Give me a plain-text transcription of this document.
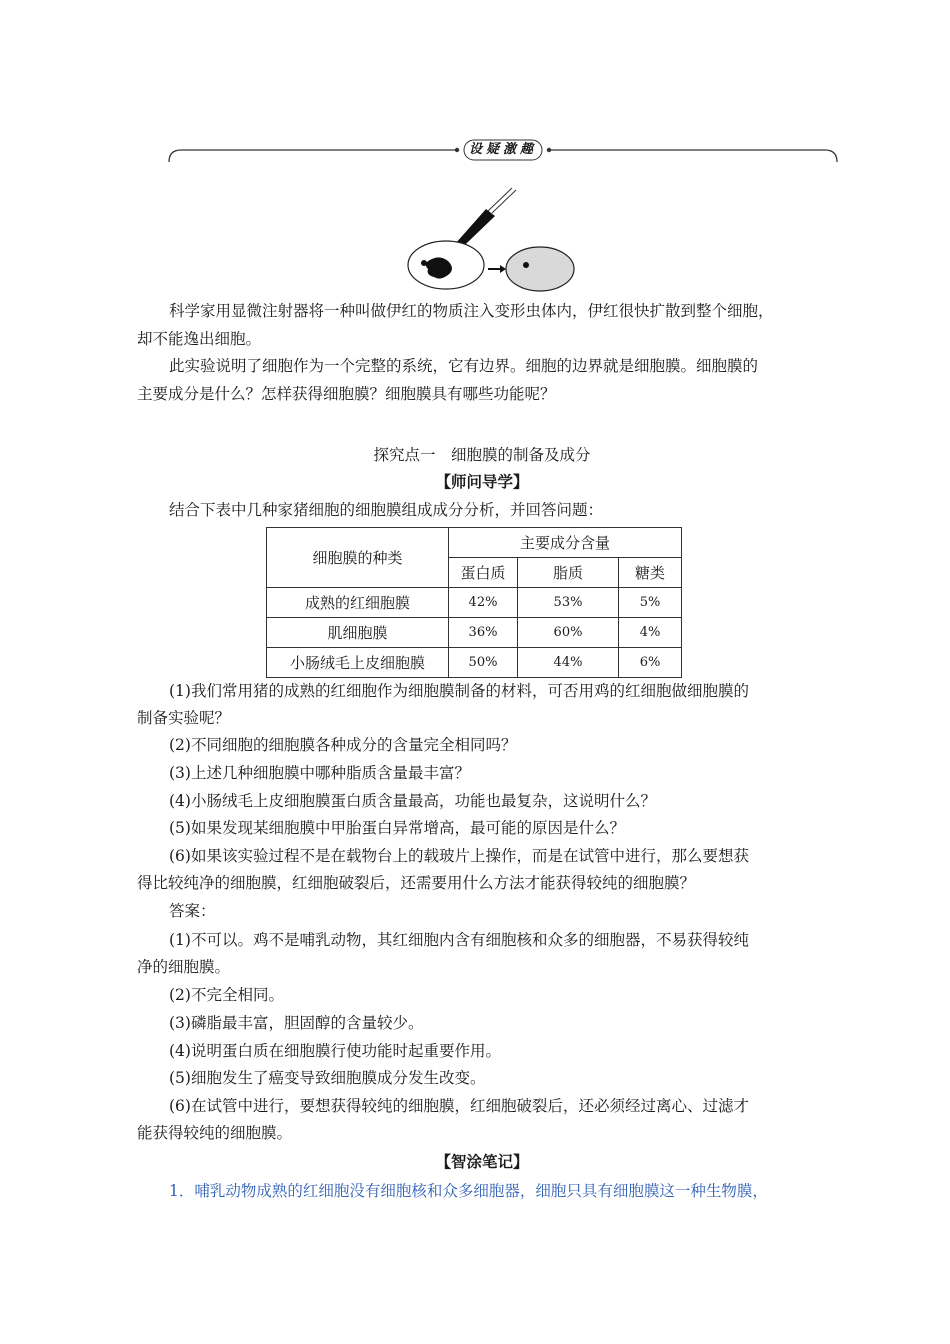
设疑激趣
科学家用显微注射器将一种叫做伊红的物质注入变形虫体内，伊红很快扩散到整个细胞，
却不能逸出细胞。
此实验说明了细胞作为一个完整的系统，它有边界。细胞的边界就是细胞膜。细胞膜的
主要成分是什么？怎样获得细胞膜？细胞膜具有哪些功能呢？
探究点一　细胞膜的制备及成分
【师问导学】
结合下表中几种家猪细胞的细胞膜组成成分分析，并回答问题：
细胞膜的种类	主要成分含量		
	蛋白质	脂质	糖类
成熟的红细胞膜	42%	53%	5%
肌细胞膜	36%	60%	4%
小肠绒毛上皮细胞膜	50%	44%	6%
(1)我们常用猪的成熟的红细胞作为细胞膜制备的材料，可否用鸡的红细胞做细胞膜的
制备实验呢？
(2)不同细胞的细胞膜各种成分的含量完全相同吗？
(3)上述几种细胞膜中哪种脂质含量最丰富？
(4)小肠绒毛上皮细胞膜蛋白质含量最高，功能也最复杂，这说明什么？
(5)如果发现某细胞膜中甲胎蛋白异常增高，最可能的原因是什么？
(6)如果该实验过程不是在载物台上的载玻片上操作，而是在试管中进行，那么要想获
得比较纯净的细胞膜，红细胞破裂后，还需要用什么方法才能获得较纯的细胞膜？
答案：
(1)不可以。鸡不是哺乳动物，其红细胞内含有细胞核和众多的细胞器，不易获得较纯
净的细胞膜。
(2)不完全相同。
(3)磷脂最丰富，胆固醇的含量较少。
(4)说明蛋白质在细胞膜行使功能时起重要作用。
(5)细胞发生了癌变导致细胞膜成分发生改变。
(6)在试管中进行，要想获得较纯的细胞膜，红细胞破裂后，还必须经过离心、过滤才
能获得较纯的细胞膜。
【智涂笔记】
1．哺乳动物成熟的红细胞没有细胞核和众多细胞器，细胞只具有细胞膜这一种生物膜，
